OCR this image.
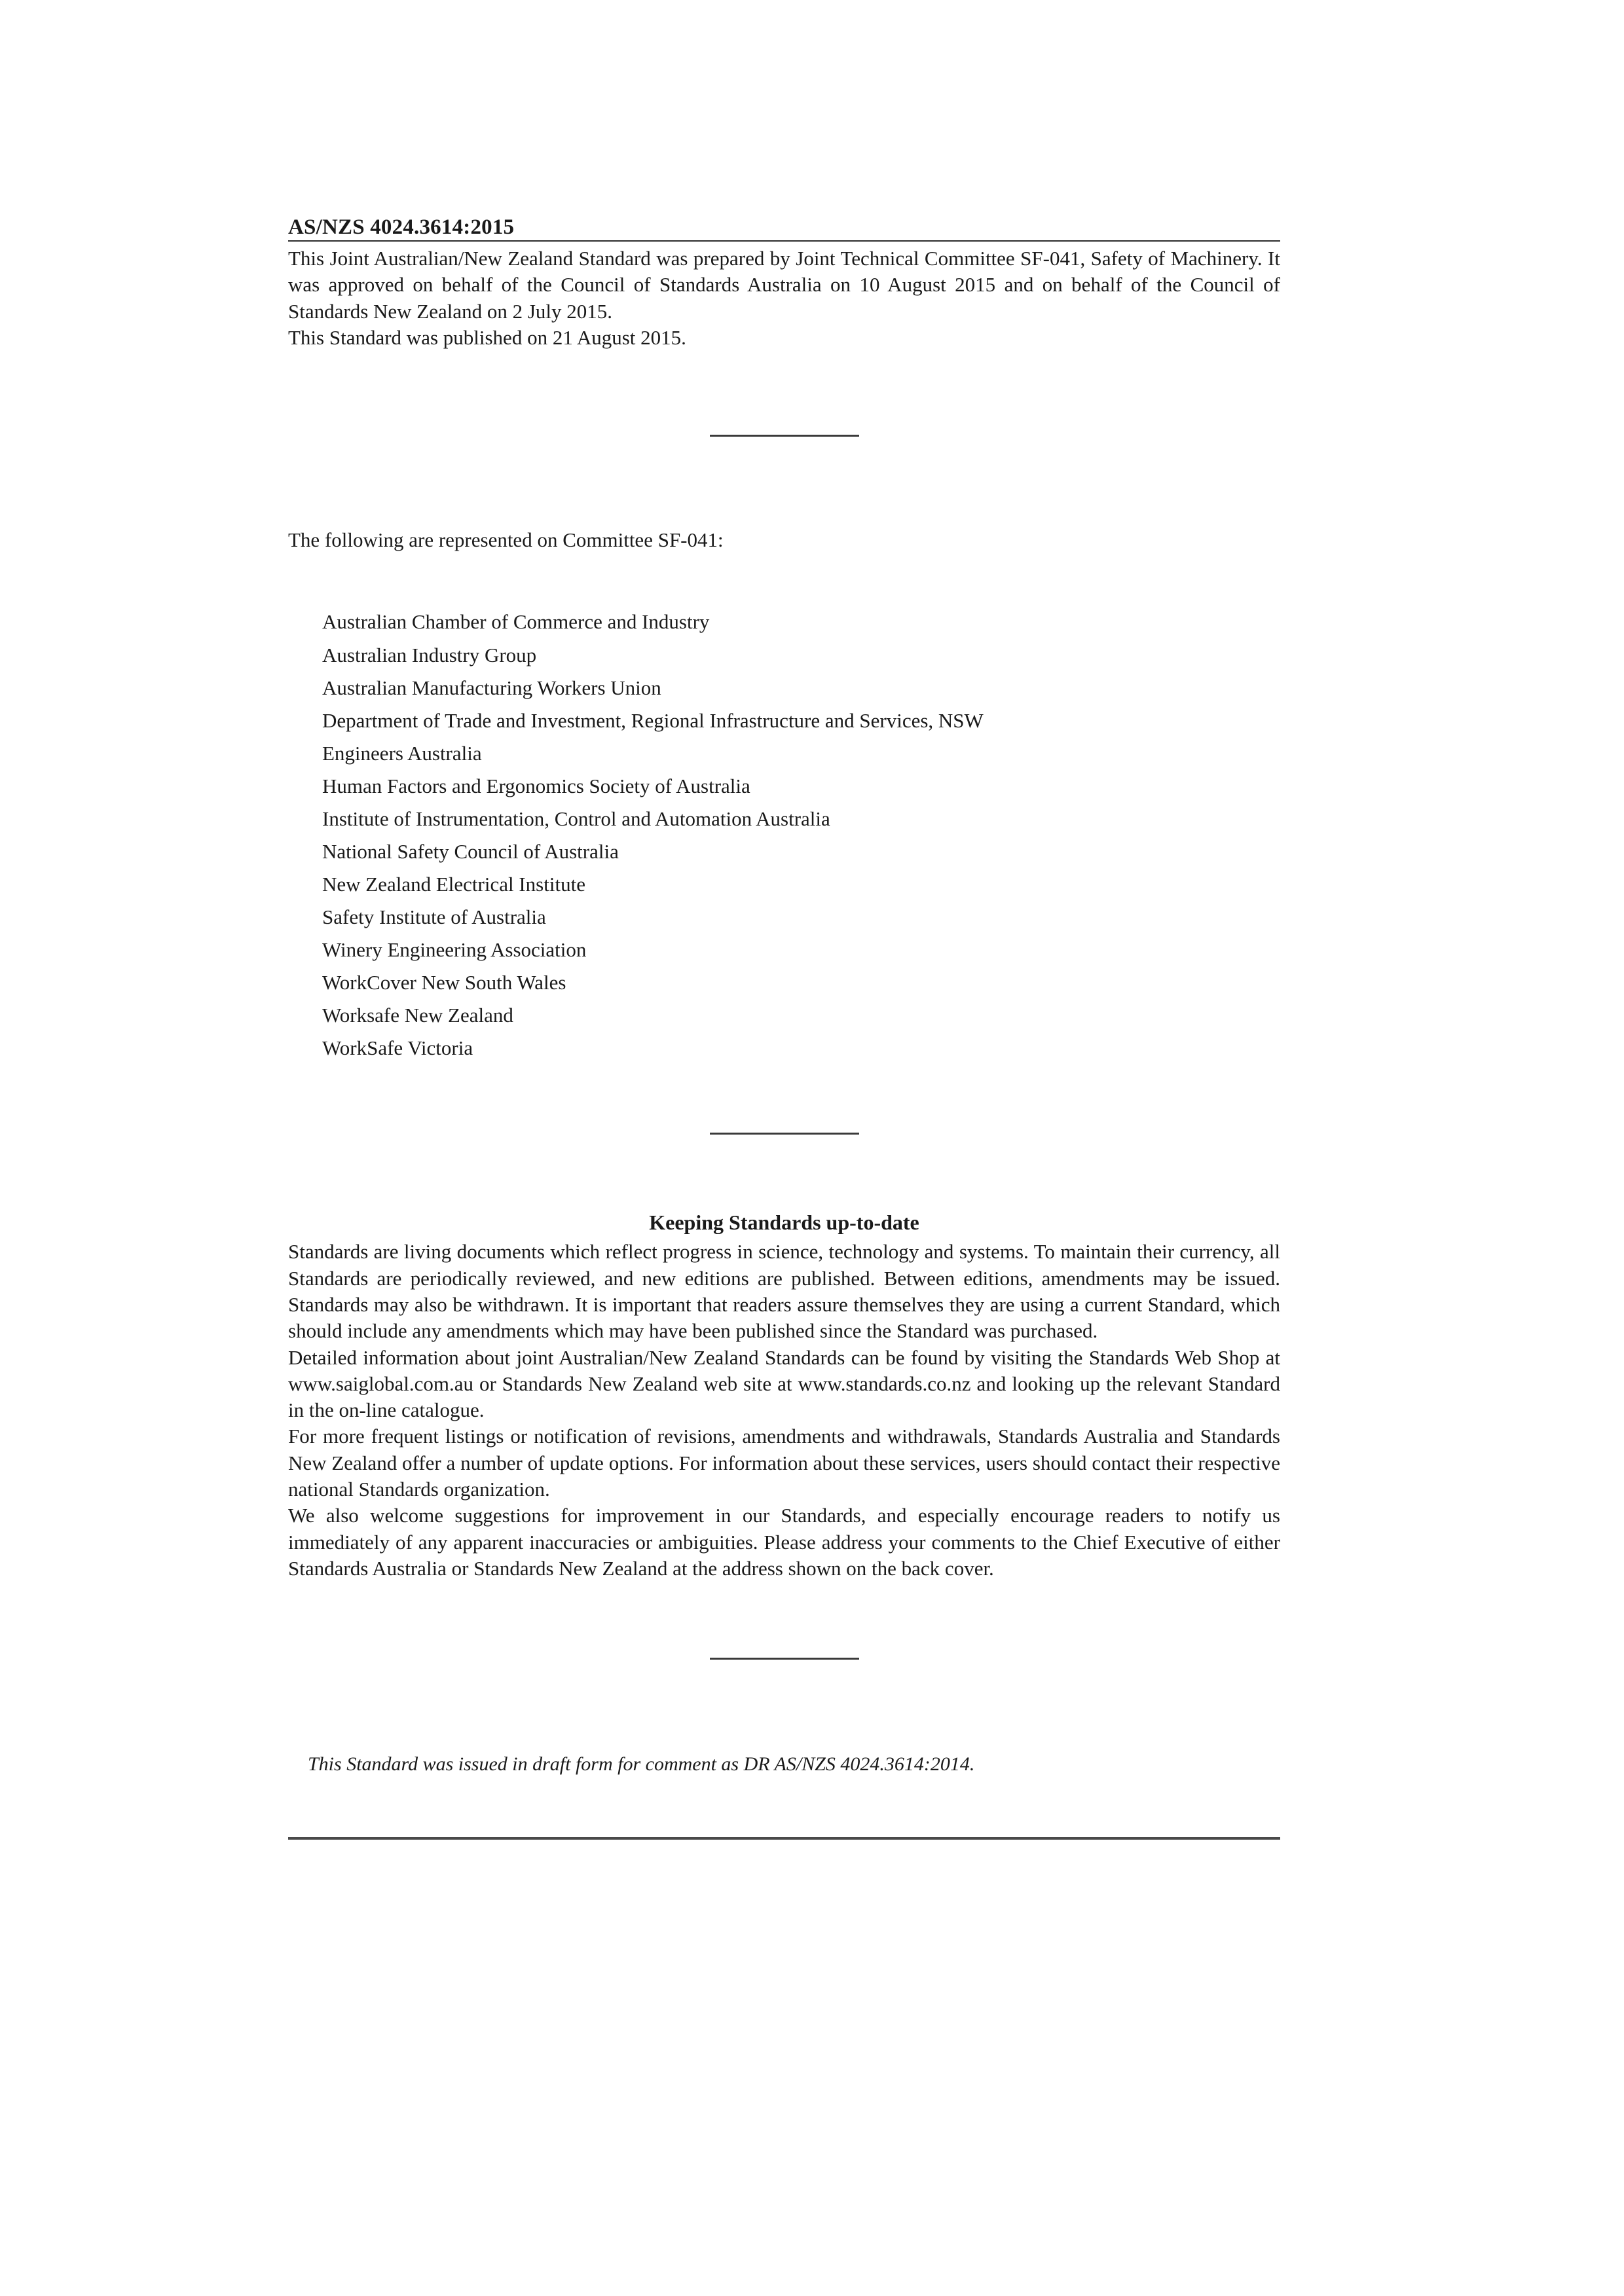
AS/NZS 4024.3614:2015

This Joint Australian/New Zealand Standard was prepared by Joint Technical Committee SF-041, Safety of Machinery. It was approved on behalf of the Council of Standards Australia on 10 August 2015 and on behalf of the Council of Standards New Zealand on 2 July 2015.

This Standard was published on 21 August 2015.

The following are represented on Committee SF-041:

Australian Chamber of Commerce and Industry
Australian Industry Group
Australian Manufacturing Workers Union
Department of Trade and Investment, Regional Infrastructure and Services, NSW
Engineers Australia
Human Factors and Ergonomics Society of Australia
Institute of Instrumentation, Control and Automation Australia
National Safety Council of Australia
New Zealand Electrical Institute
Safety Institute of Australia
Winery Engineering Association
WorkCover New South Wales
Worksafe New Zealand
WorkSafe Victoria
Keeping Standards up-to-date

Standards are living documents which reflect progress in science, technology and systems. To maintain their currency, all Standards are periodically reviewed, and new editions are published. Between editions, amendments may be issued. Standards may also be withdrawn. It is important that readers assure themselves they are using a current Standard, which should include any amendments which may have been published since the Standard was purchased.

Detailed information about joint Australian/New Zealand Standards can be found by visiting the Standards Web Shop at www.saiglobal.com.au or Standards New Zealand web site at www.standards.co.nz and looking up the relevant Standard in the on-line catalogue.

For more frequent listings or notification of revisions, amendments and withdrawals, Standards Australia and Standards New Zealand offer a number of update options. For information about these services, users should contact their respective national Standards organization.

We also welcome suggestions for improvement in our Standards, and especially encourage readers to notify us immediately of any apparent inaccuracies or ambiguities. Please address your comments to the Chief Executive of either Standards Australia or Standards New Zealand at the address shown on the back cover.

This Standard was issued in draft form for comment as DR AS/NZS 4024.3614:2014.
